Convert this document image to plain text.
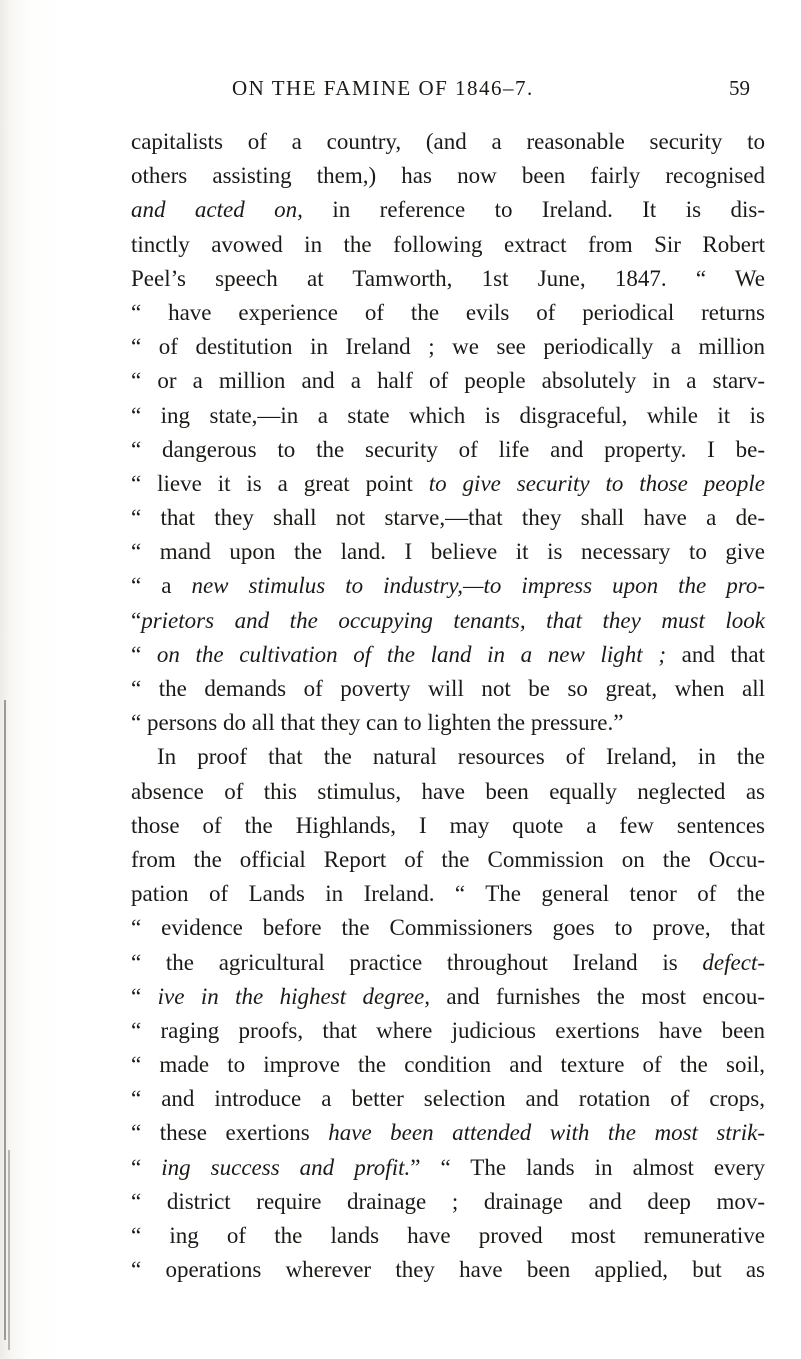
ON THE FAMINE OF 1846–7.	59
capitalists of a country, (and a reasonable security to
others assisting them,) has now been fairly recognised
and acted on, in reference to Ireland. It is dis-
tinctly avowed in the following extract from Sir Robert
Peel’s speech at Tamworth, 1st June, 1847. “ We
“ have experience of the evils of periodical returns
“ of destitution in Ireland ; we see periodically a million
“ or a million and a half of people absolutely in a starv-
“ ing state,—in a state which is disgraceful, while it is
“ dangerous to the security of life and property. I be-
“ lieve it is a great point to give security to those people
“ that they shall not starve,—that they shall have a de-
“ mand upon the land. I believe it is necessary to give
“ a new stimulus to industry,—to impress upon the pro-
“prietors and the occupying tenants, that they must look
“ on the cultivation of the land in a new light ; and that
“ the demands of poverty will not be so great, when all
“ persons do all that they can to lighten the pressure.”
In proof that the natural resources of Ireland, in the
absence of this stimulus, have been equally neglected as
those of the Highlands, I may quote a few sentences
from the official Report of the Commission on the Occu-
pation of Lands in Ireland. “ The general tenor of the
“ evidence before the Commissioners goes to prove, that
“ the agricultural practice throughout Ireland is defect-
“ ive in the highest degree, and furnishes the most encou-
“ raging proofs, that where judicious exertions have been
“ made to improve the condition and texture of the soil,
“ and introduce a better selection and rotation of crops,
“ these exertions have been attended with the most strik-
“ ing success and profit.” “ The lands in almost every
“ district require drainage ; drainage and deep mov-
“ ing of the lands have proved most remunerative
“ operations wherever they have been applied, but as
